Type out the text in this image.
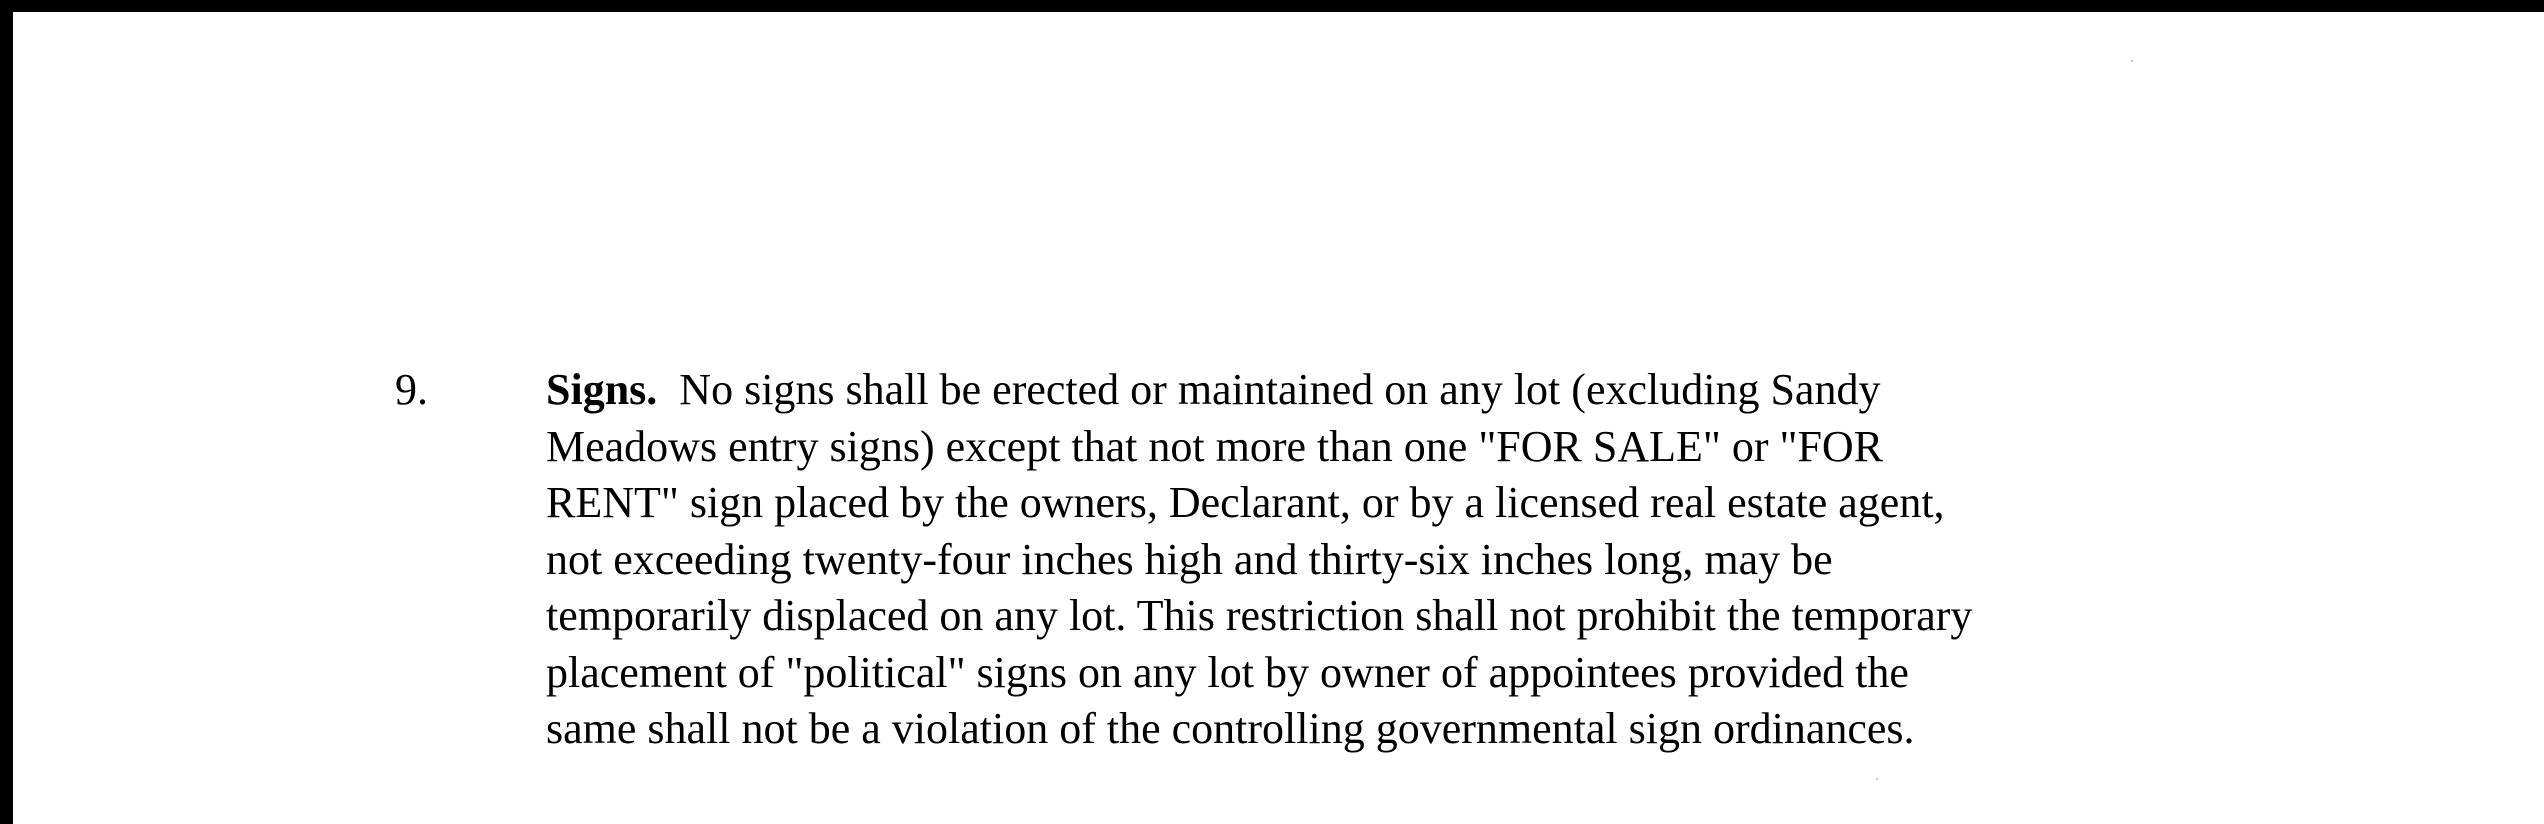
9.	Signs. No signs shall be erected or maintained on any lot (excluding Sandy
Meadows entry signs) except that not more than one "FOR SALE" or "FOR
RENT" sign placed by the owners, Declarant, or by a licensed real estate agent,
not exceeding twenty-four inches high and thirty-six inches long, may be
temporarily displaced on any lot. This restriction shall not prohibit the temporary
placement of "political" signs on any lot by owner of appointees provided the
same shall not be a violation of the controlling governmental sign ordinances.
